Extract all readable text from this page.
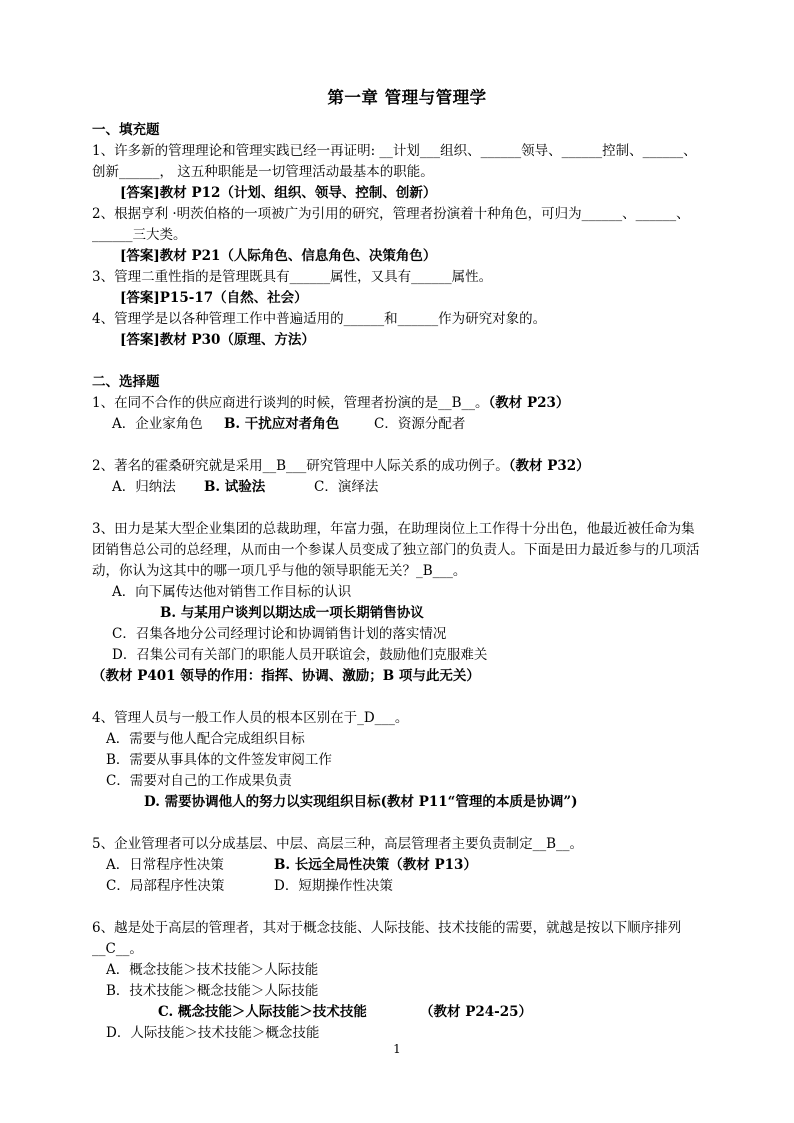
第一章 管理与管理学
一、填充题
1、许多新的管理理论和管理实践已经一再证明: __计划___组织、______领导、______控制、______、
创新______， 这五种职能是一切管理活动最基本的职能。
[答案]教材 P12（计划、组织、领导、控制、创新）
2、根据亨利 ·明茨伯格的一项被广为引用的研究，管理者扮演着十种角色，可归为______、______、
______三大类。
[答案]教材 P21（人际角色、信息角色、决策角色）
3、管理二重性指的是管理既具有______属性，又具有______属性。
[答案]P15-17（自然、社会）
4、管理学是以各种管理工作中普遍适用的______和______作为研究对象的。
[答案]教材 P30（原理、方法）
二、选择题
1、在同不合作的供应商进行谈判的时候，管理者扮演的是__B__。（教材 P23）
A．企业家角色 B. 干扰应对者角色	C．资源分配者
2、著名的霍桑研究就是采用__B___研究管理中人际关系的成功例子。（教材 P32）
A．归纳法 B. 试验法	C．演绎法
3、田力是某大型企业集团的总裁助理，年富力强，在助理岗位上工作得十分出色，他最近被任命为集
团销售总公司的总经理，从而由一个参谋人员变成了独立部门的负责人。下面是田力最近参与的几项活
动，你认为这其中的哪一项几乎与他的领导职能无关？_B___。
A．向下属传达他对销售工作目标的认识
B. 与某用户谈判以期达成一项长期销售协议
C．召集各地分公司经理讨论和协调销售计划的落实情况
D．召集公司有关部门的职能人员开联谊会，鼓励他们克服难关
（教材 P401 领导的作用：指挥、协调、激励；B 项与此无关）
4、管理人员与一般工作人员的根本区别在于_D___。
A．需要与他人配合完成组织目标
B．需要从事具体的文件签发审阅工作
C．需要对自己的工作成果负责
D. 需要协调他人的努力以实现组织目标(教材 P11“管理的本质是协调”)
5、企业管理者可以分成基层、中层、高层三种，高层管理者主要负责制定__B__。
A．日常程序性决策	B. 长远全局性决策（教材 P13）
C．局部程序性决策	D．短期操作性决策
6、越是处于高层的管理者，其对于概念技能、人际技能、技术技能的需要，就越是按以下顺序排列
__C__。
A．概念技能＞技术技能＞人际技能
B．技术技能＞概念技能＞人际技能
C. 概念技能＞人际技能＞技术技能	（教材 P24-25）
D．人际技能＞技术技能＞概念技能
1
